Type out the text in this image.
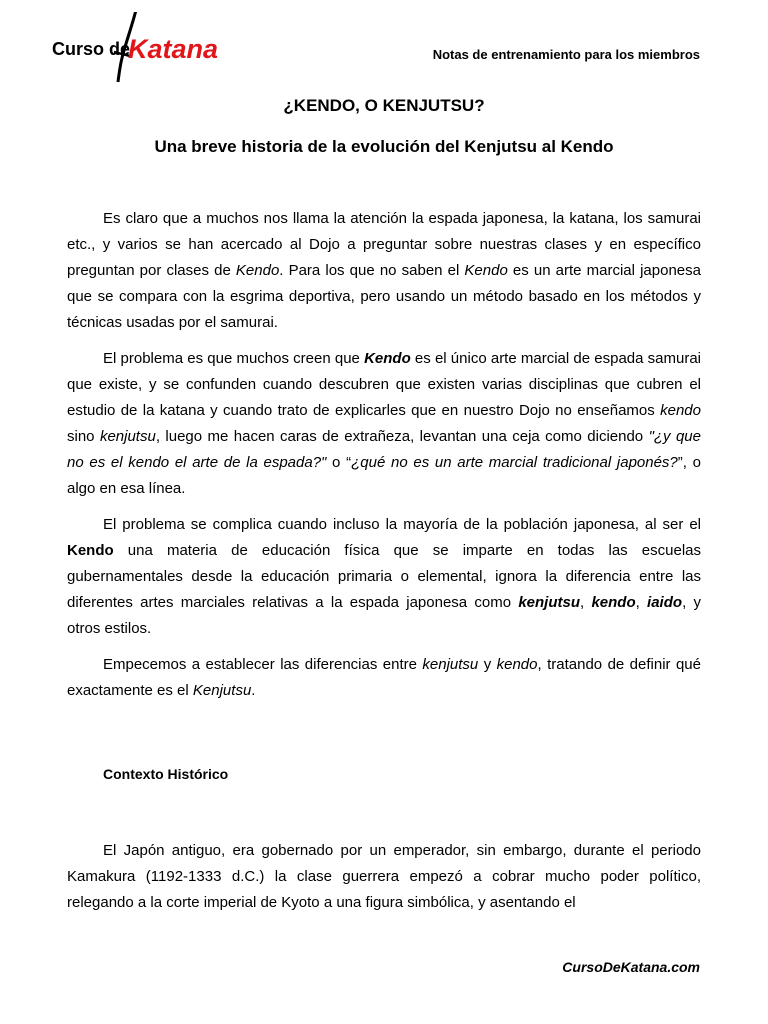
Curso de
Katana	Notas de entrenamiento para los miembros
¿KENDO, O KENJUTSU?
Una breve historia de la evolución del Kenjutsu al Kendo

Es claro que a muchos nos llama la atención la espada japonesa, la katana, los samurai etc., y varios se han acercado al Dojo a preguntar sobre nuestras clases y en específico preguntan por clases de Kendo. Para los que no saben el Kendo es un arte marcial japonesa que se compara con la esgrima deportiva, pero usando un método basado en los métodos y técnicas usadas por el samurai.

El problema es que muchos creen que Kendo es el único arte marcial de espada samurai que existe, y se confunden cuando descubren que existen varias disciplinas que cubren el estudio de la katana y cuando trato de explicarles que en nuestro Dojo no enseñamos kendo sino kenjutsu, luego me hacen caras de extrañeza, levantan una ceja como diciendo "¿y que no es el kendo el arte de la espada?" o “¿qué no es un arte marcial tradicional japonés?”, o algo en esa línea.

El problema se complica cuando incluso la mayoría de la población japonesa, al ser el Kendo una materia de educación física que se imparte en todas las escuelas gubernamentales desde la educación primaria o elemental, ignora la diferencia entre las diferentes artes marciales relativas a la espada japonesa como kenjutsu, kendo, iaido, y otros estilos.

Empecemos a establecer las diferencias entre kenjutsu y kendo, tratando de definir qué exactamente es el Kenjutsu.

Contexto Histórico

El Japón antiguo, era gobernado por un emperador, sin embargo, durante el periodo Kamakura (1192-1333 d.C.) la clase guerrera empezó a cobrar mucho poder político, relegando a la corte imperial de Kyoto a una figura simbólica, y asentando el

CursoDeKatana.com
